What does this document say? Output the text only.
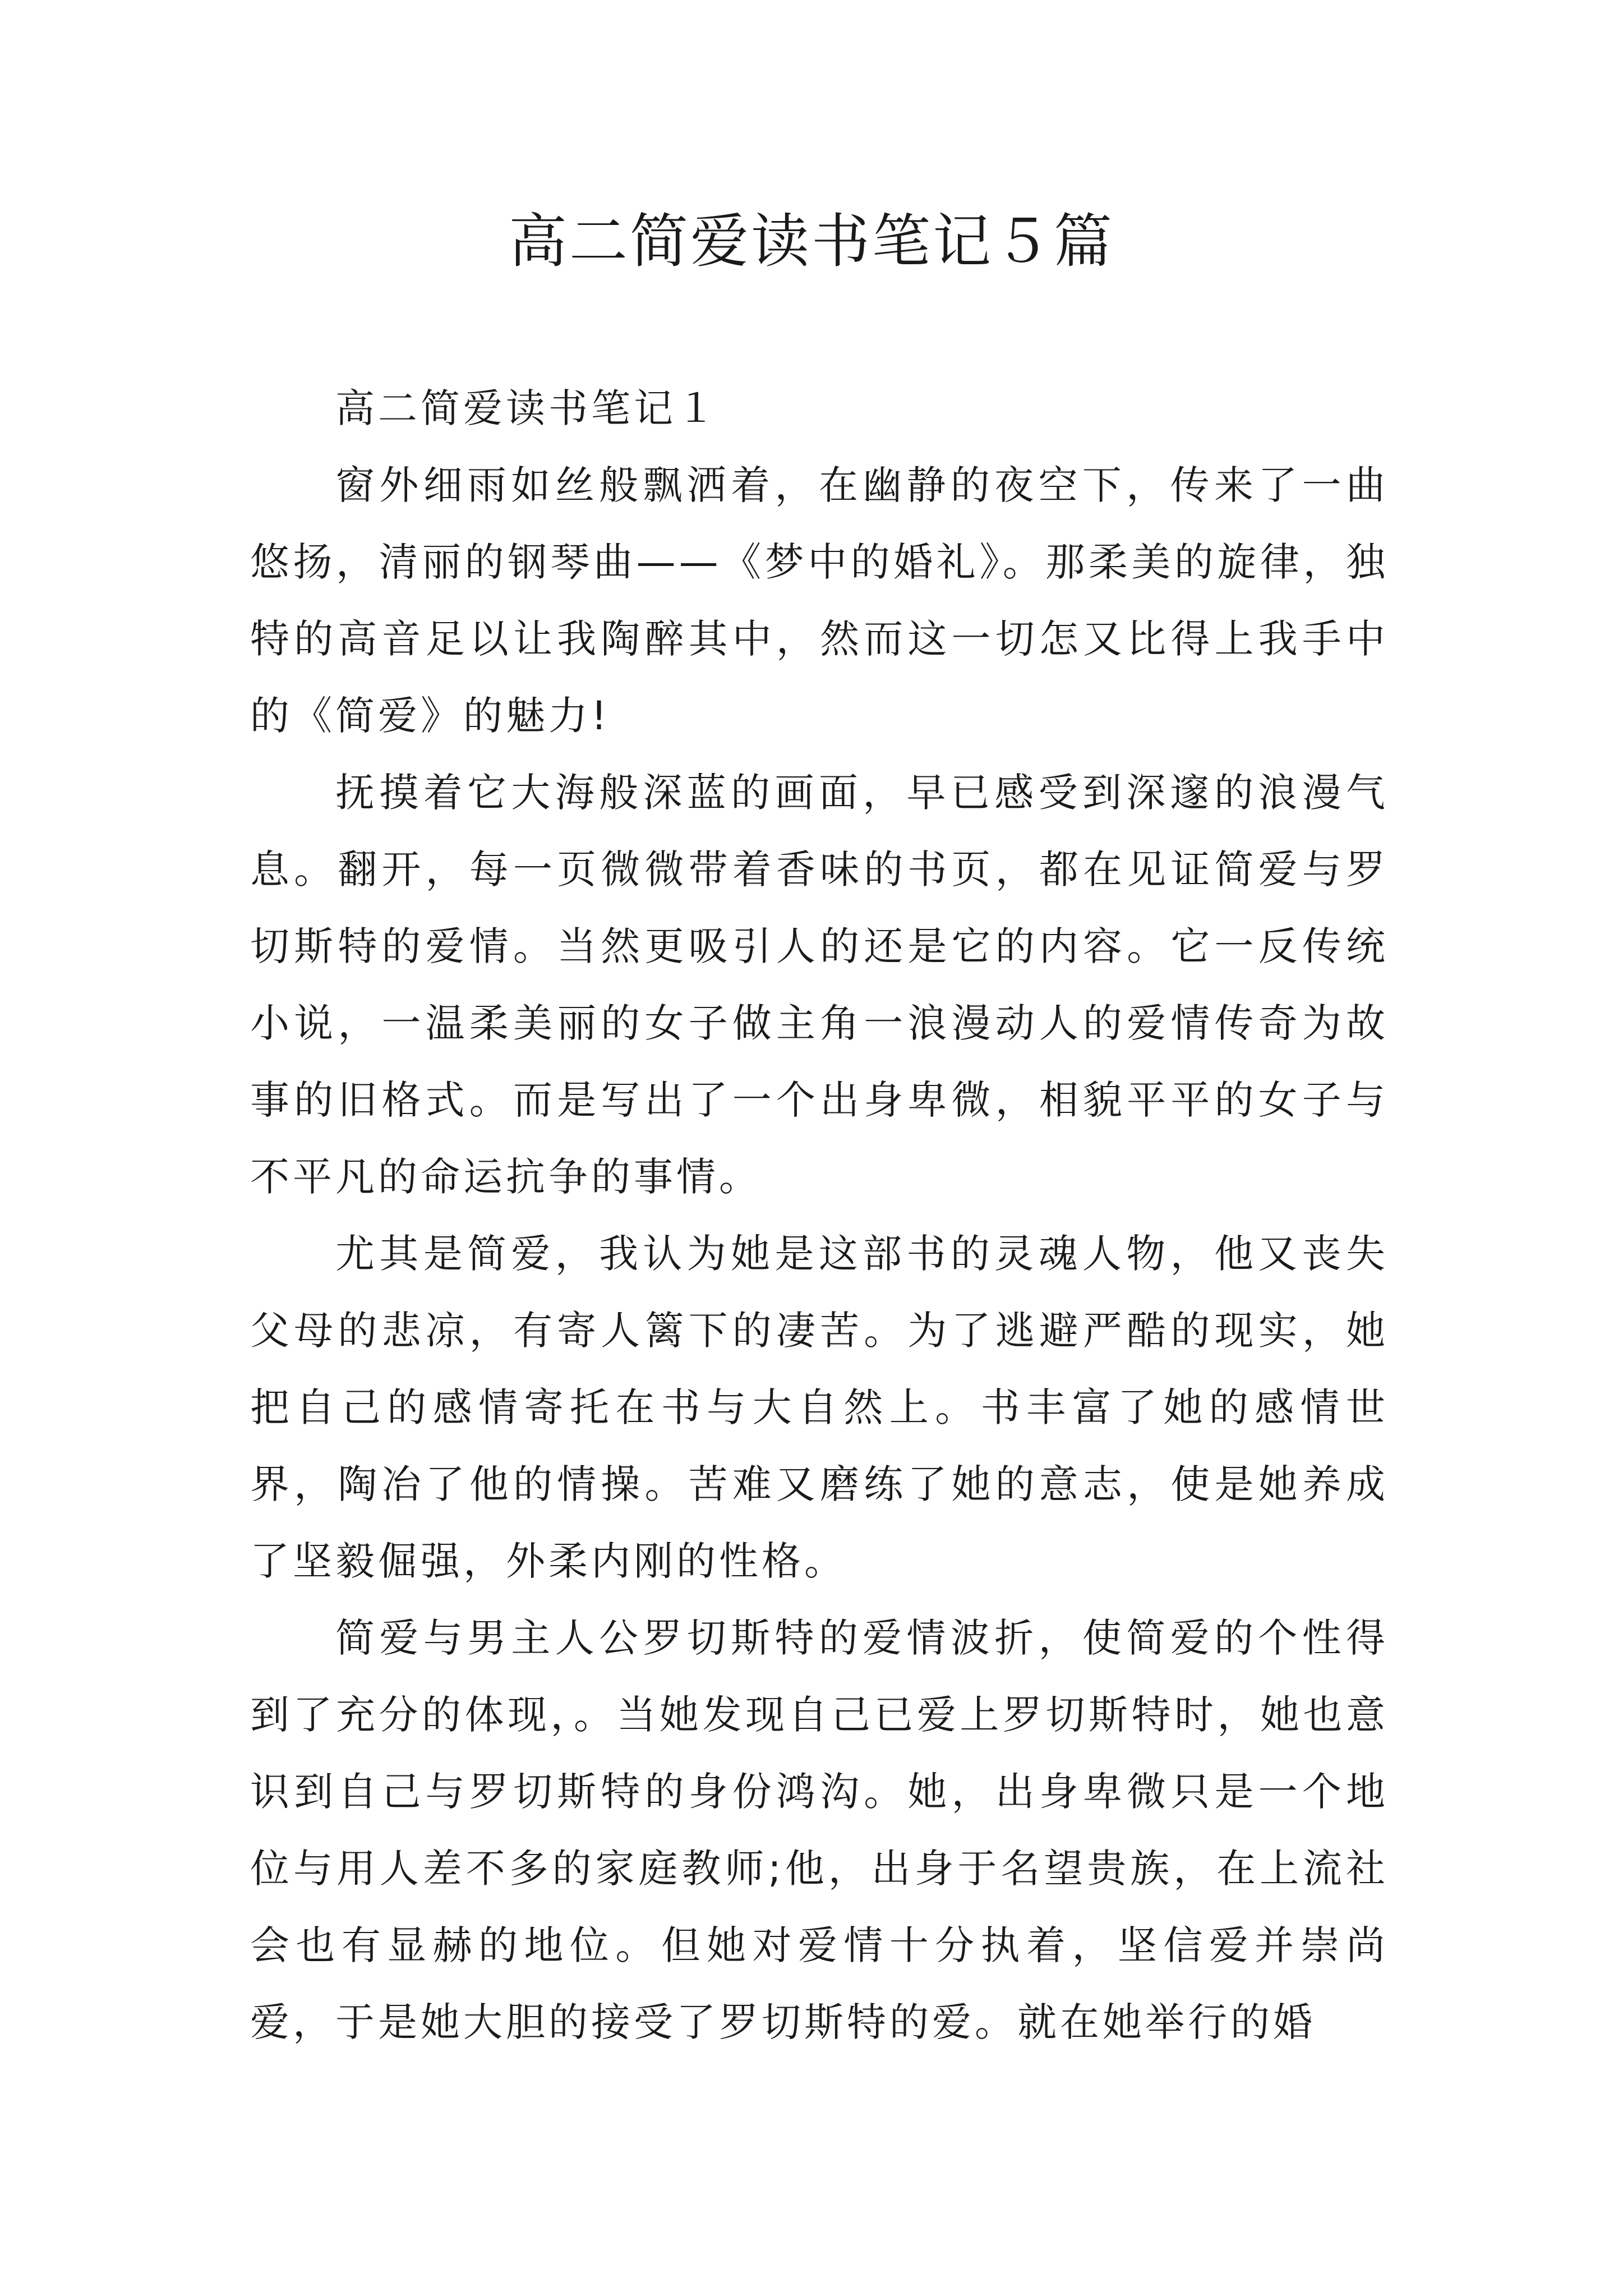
高二简爱读书笔记５篇

高二简爱读书笔记１

窗外细雨如丝般飘洒着，在幽静的夜空下，传来了一曲悠扬，清丽的钢琴曲——《梦中的婚礼》。那柔美的旋律，独特的高音足以让我陶醉其中，然而这一切怎又比得上我手中的《简爱》的魅力!

抚摸着它大海般深蓝的画面，早已感受到深邃的浪漫气息。翻开，每一页微微带着香味的书页，都在见证简爱与罗切斯特的爱情。当然更吸引人的还是它的内容。它一反传统小说，一温柔美丽的女子做主角一浪漫动人的爱情传奇为故事的旧格式。而是写出了一个出身卑微，相貌平平的女子与不平凡的命运抗争的事情。

尤其是简爱，我认为她是这部书的灵魂人物，他又丧失父母的悲凉，有寄人篱下的凄苦。为了逃避严酷的现实，她把自己的感情寄托在书与大自然上。书丰富了她的感情世界，陶冶了他的情操。苦难又磨练了她的意志，使是她养成了坚毅倔强，外柔内刚的性格。

简爱与男主人公罗切斯特的爱情波折，使简爱的个性得到了充分的体现，。当她发现自己已爱上罗切斯特时，她也意识到自己与罗切斯特的身份鸿沟。她，出身卑微只是一个地位与用人差不多的家庭教师;他，出身于名望贵族，在上流社会也有显赫的地位。但她对爱情十分执着，坚信爱并崇尚爱，于是她大胆的接受了罗切斯特的爱。就在她举行的婚
